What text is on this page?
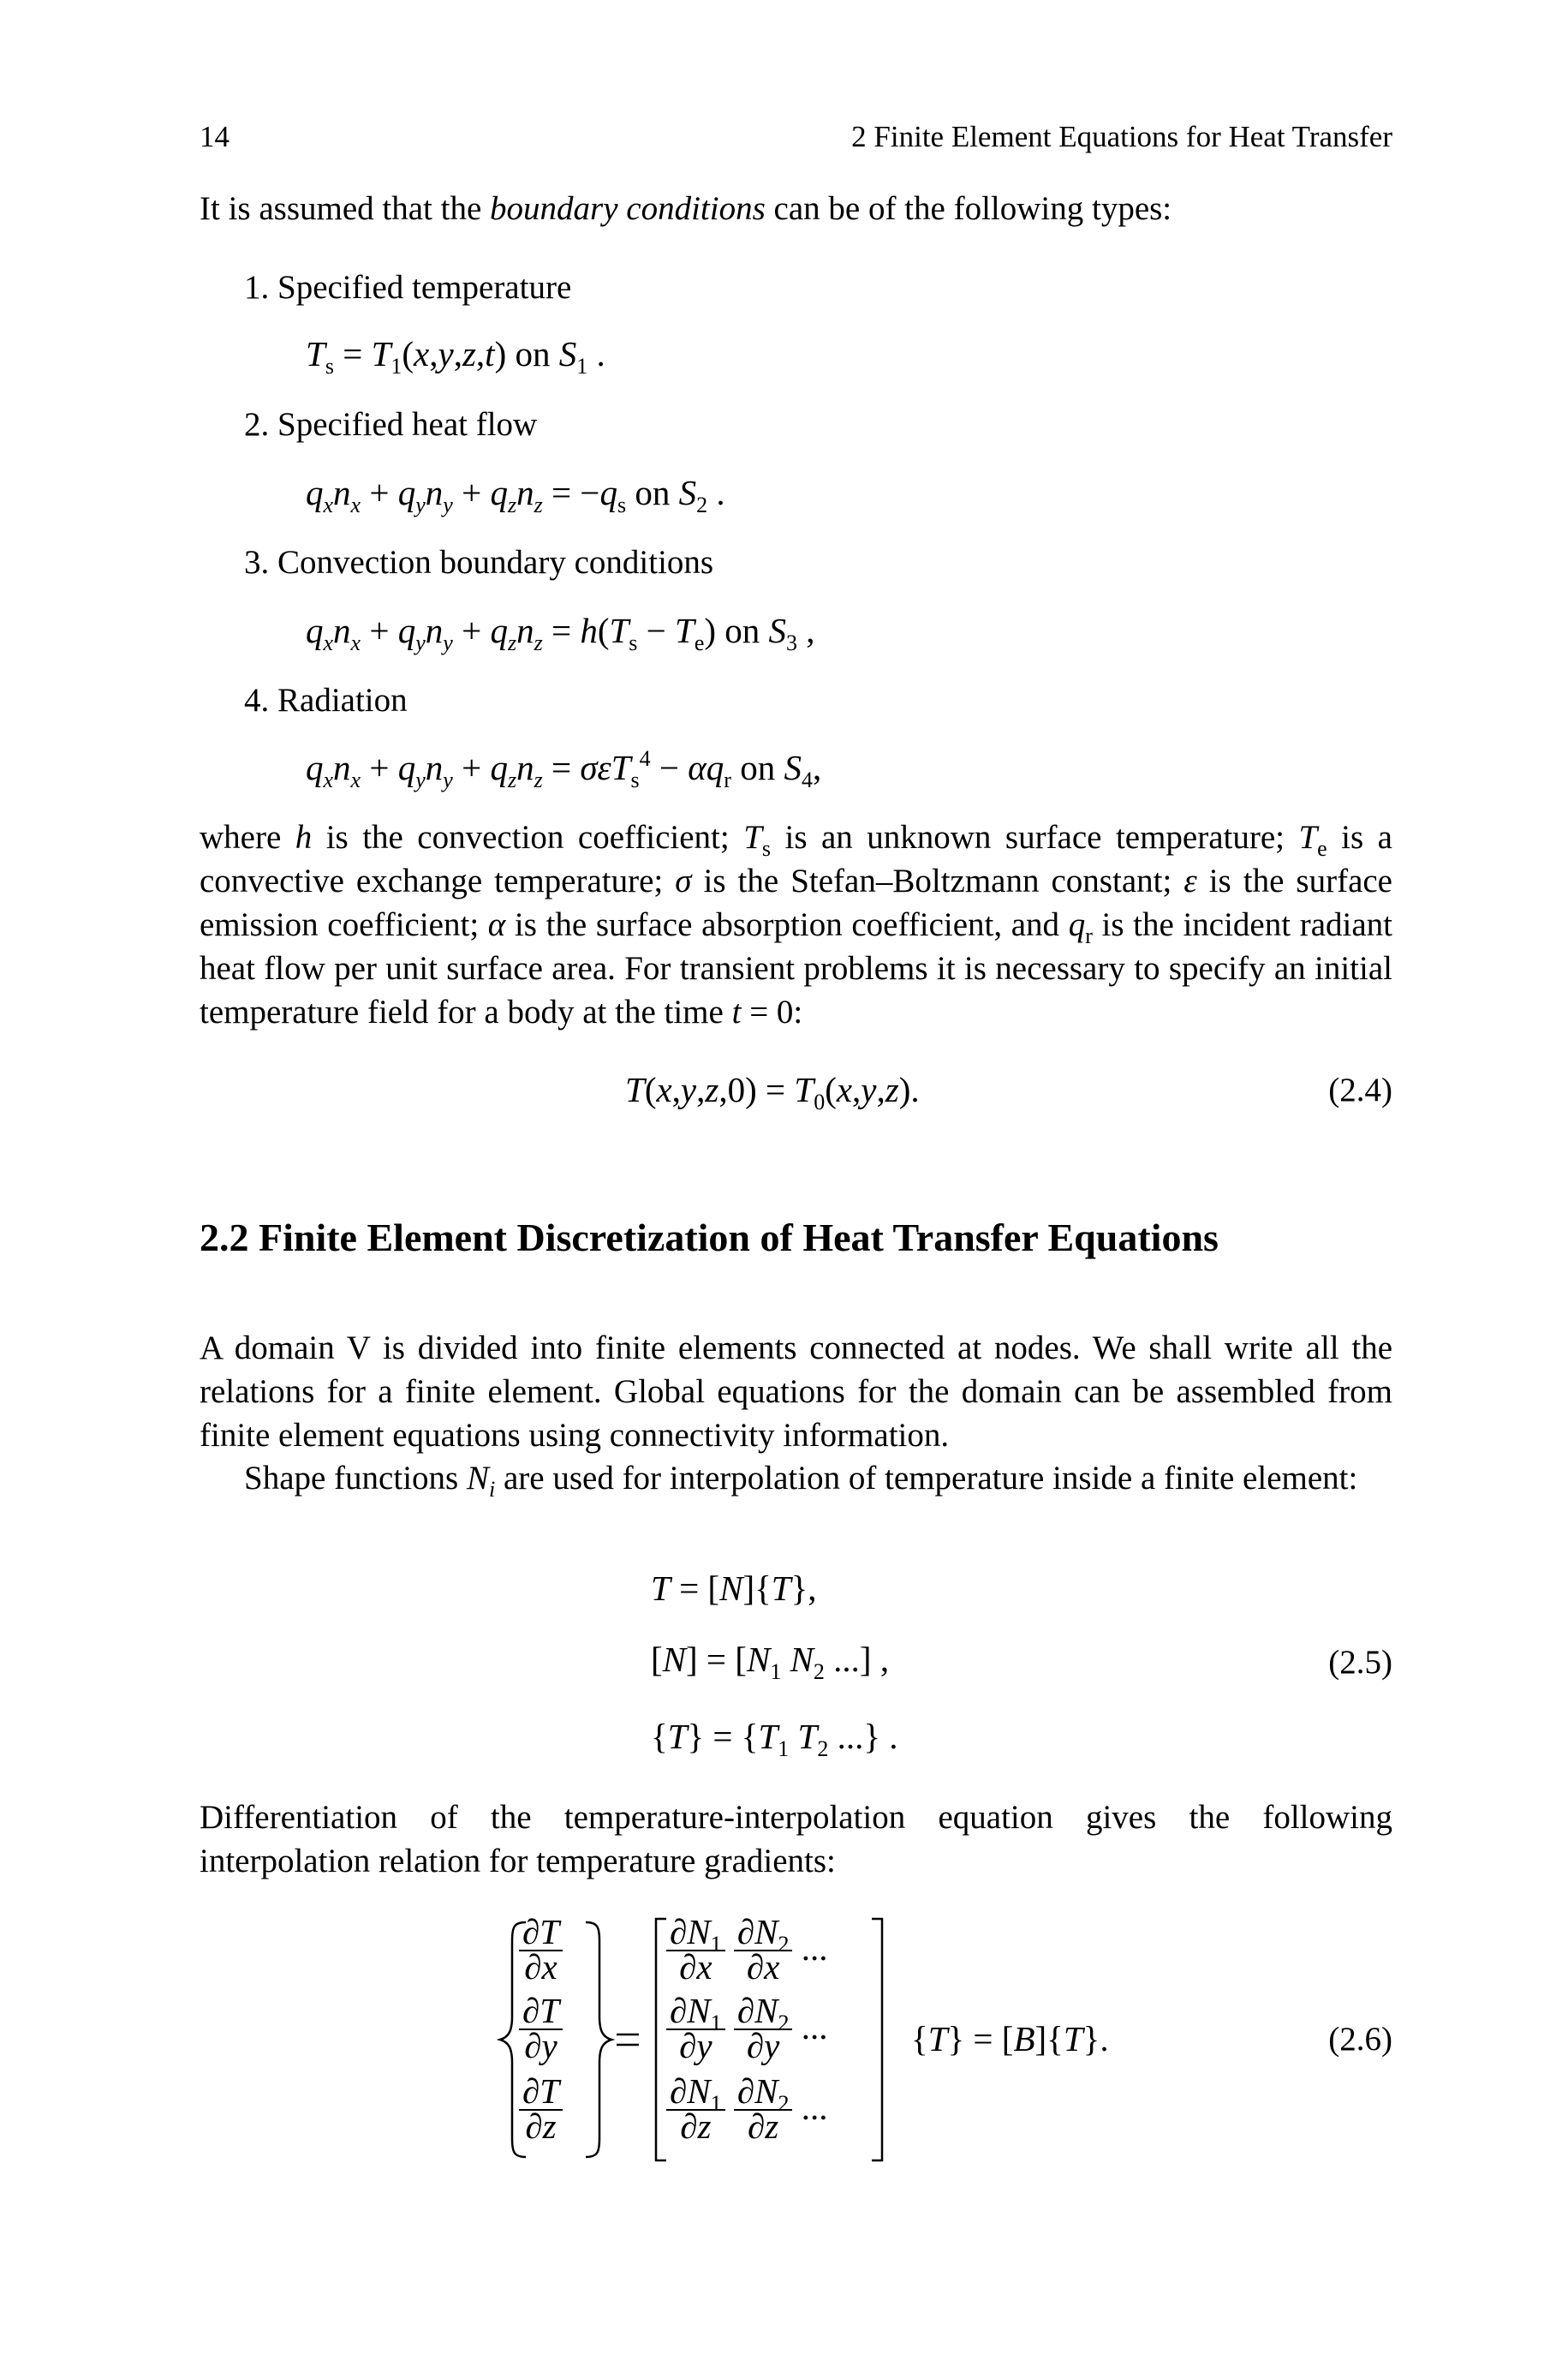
14	2 Finite Element Equations for Heat Transfer
It is assumed that the boundary conditions can be of the following types:
1. Specified temperature
$T_s = T_1(x,y,z,t)$ on $S_1$ .
2. Specified heat flow
$q_xn_x + q_yn_y + q_zn_z = -q_s$ on $S_2$ .
3. Convection boundary conditions
$q_xn_x + q_yn_y + q_zn_z = h(T_s - T_e)$ on $S_3$ ,
4. Radiation
$q_xn_x + q_yn_y + q_zn_z = \sigma\varepsilon T_s^4 - \alpha q_r$ on $S_4$,
where h is the convection coefficient; $T_s$ is an unknown surface temperature; $T_e$ is a convective exchange temperature; σ is the Stefan–Boltzmann constant; ε is the surface emission coefficient; α is the surface absorption coefficient, and $q_r$ is the incident radiant heat flow per unit surface area. For transient problems it is necessary to specify an initial temperature field for a body at the time t = 0:
$T(x,y,z,0) = T_0(x,y,z)$.	(2.4)
2.2 Finite Element Discretization of Heat Transfer Equations
A domain V is divided into finite elements connected at nodes. We shall write all the relations for a finite element. Global equations for the domain can be assembled from finite element equations using connectivity information.
Shape functions $N_i$ are used for interpolation of temperature inside a finite element:
T = [N]{T},
$[N] = [N_1$ $N_2$ ...] ,
$\{T\} = \{T_1$ $T_2$ ...} .
(2.5)
Differentiation of the temperature-interpolation equation gives the following interpolation relation for temperature gradients:
$\frac{\partial T}{\partial x}$
$\frac{\partial T}{\partial y}$
$\frac{\partial T}{\partial z}$
$\frac{\partial N_1}{\partial x}$
$\frac{\partial N_2}{\partial x}$ ...
$\frac{\partial N_1}{\partial y}$
$\frac{\partial N_2}{\partial y}$ ...
$\frac{\partial N_1}{\partial z}$
$\frac{\partial N_2}{\partial z}$ ...
{T} = [B]{T}.	(2.6)
